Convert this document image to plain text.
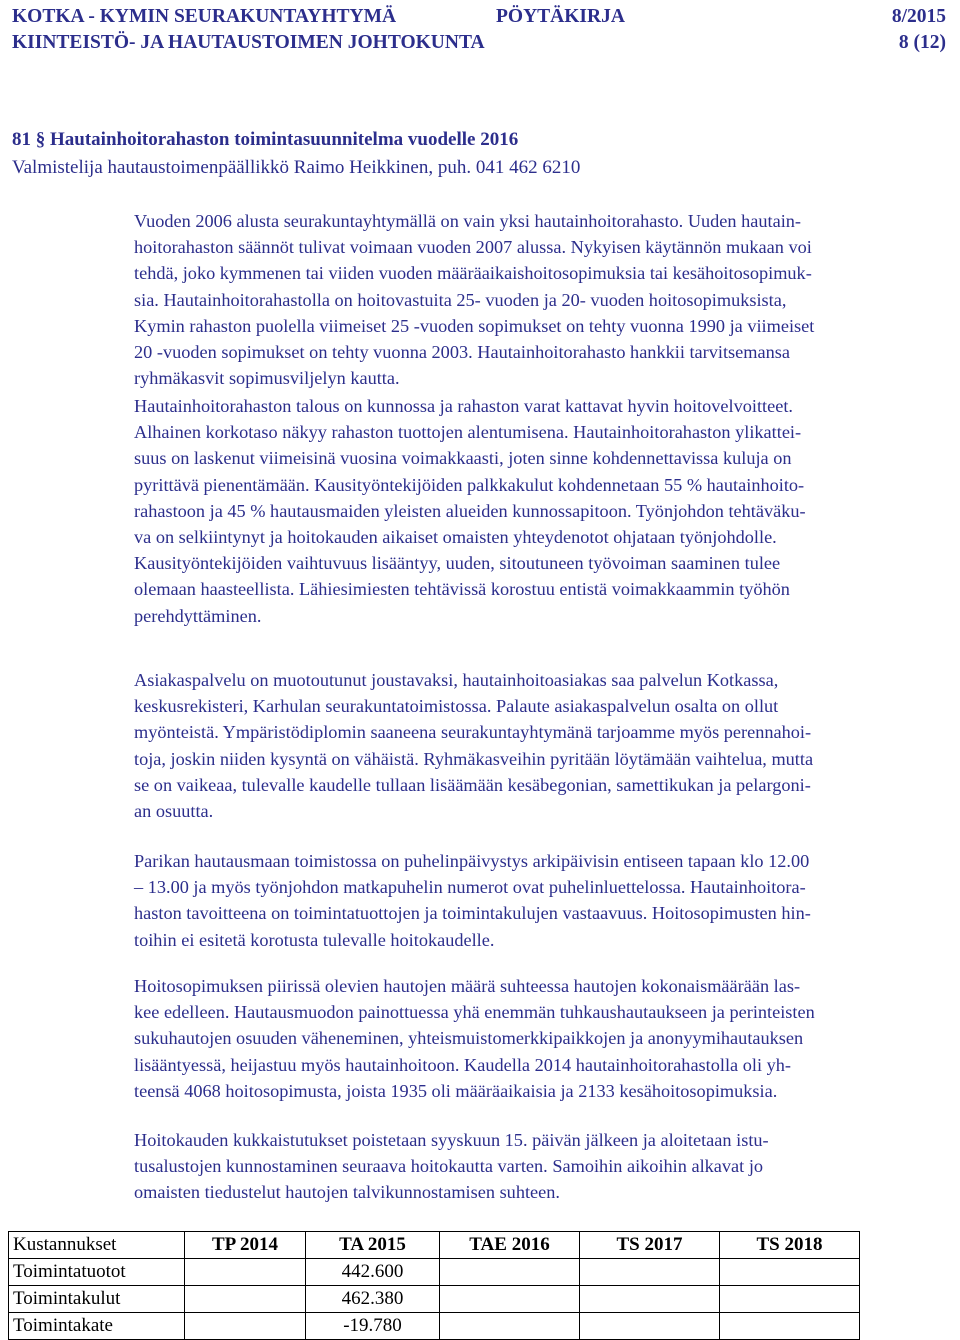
KOTKA - KYMIN SEURAKUNTAYHTYMÄ	PÖYTÄKIRJA	8/2015
KIINTEISTÖ- JA HAUTAUSTOIMEN JOHTOKUNTA	8 (12)
81 § Hautainhoitorahaston toimintasuunnitelma vuodelle 2016
Valmistelija hautaustoimenpäällikkö Raimo Heikkinen, puh. 041 462 6210
Vuoden 2006 alusta seurakuntayhtymällä on vain yksi hautainhoitorahasto. Uuden hautain-
hoitorahaston säännöt tulivat voimaan vuoden 2007 alussa. Nykyisen käytännön mukaan voi
tehdä, joko kymmenen tai viiden vuoden määräaikaishoitosopimuksia tai kesähoitosopimuk-
sia. Hautainhoitorahastolla on hoitovastuita 25- vuoden ja 20- vuoden hoitosopimuksista,
Kymin rahaston puolella viimeiset 25 -vuoden sopimukset on tehty vuonna 1990 ja viimeiset
20 -vuoden sopimukset on tehty vuonna 2003. Hautainhoitorahasto hankkii tarvitsemansa
ryhmäkasvit sopimusviljelyn kautta.
Hautainhoitorahaston talous on kunnossa ja rahaston varat kattavat hyvin hoitovelvoitteet.
Alhainen korkotaso näkyy rahaston tuottojen alentumisena. Hautainhoitorahaston ylikattei-
suus on laskenut viimeisinä vuosina voimakkaasti, joten sinne kohdennettavissa kuluja on
pyrittävä pienentämään. Kausityöntekijöiden palkkakulut kohdennetaan 55 % hautainhoito-
rahastoon ja 45 % hautausmaiden yleisten alueiden kunnossapitoon. Työnjohdon tehtäväku-
va on selkiintynyt ja hoitokauden aikaiset omaisten yhteydenotot ohjataan työnjohdolle.
Kausityöntekijöiden vaihtuvuus lisääntyy, uuden, sitoutuneen työvoiman saaminen tulee
olemaan haasteellista. Lähiesimiesten tehtävissä korostuu entistä voimakkaammin työhön
perehdyttäminen.
Asiakaspalvelu on muotoutunut joustavaksi, hautainhoitoasiakas saa palvelun Kotkassa,
keskusrekisteri, Karhulan seurakuntatoimistossa. Palaute asiakaspalvelun osalta on ollut
myönteistä. Ympäristödiplomin saaneena seurakuntayhtymänä tarjoamme myös perennahoi-
toja, joskin niiden kysyntä on vähäistä. Ryhmäkasveihin pyritään löytämään vaihtelua, mutta
se on vaikeaa, tulevalle kaudelle tullaan lisäämään kesäbegonian, samettikukan ja pelargoni-
an osuutta.
Parikan hautausmaan toimistossa on puhelinpäivystys arkipäivisin entiseen tapaan klo 12.00
– 13.00 ja myös työnjohdon matkapuhelin numerot ovat puhelinluettelossa. Hautainhoitora-
haston tavoitteena on toimintatuottojen ja toimintakulujen vastaavuus. Hoitosopimusten hin-
toihin ei esitetä korotusta tulevalle hoitokaudelle.
Hoitosopimuksen piirissä olevien hautojen määrä suhteessa hautojen kokonaismäärään las-
kee edelleen. Hautausmuodon painottuessa yhä enemmän tuhkaushautaukseen ja perinteisten
sukuhautojen osuuden väheneminen, yhteismuistomerkkipaikkojen ja anonyymihautauksen
lisääntyessä, heijastuu myös hautainhoitoon. Kaudella 2014 hautainhoitorahastolla oli yh-
teensä 4068 hoitosopimusta, joista 1935 oli määräaikaisia ja 2133 kesähoitosopimuksia.
Hoitokauden kukkaistutukset poistetaan syyskuun 15. päivän jälkeen ja aloitetaan istu-
tusalustojen kunnostaminen seuraava hoitokautta varten. Samoihin aikoihin alkavat jo
omaisten tiedustelut hautojen talvikunnostamisen suhteen.
Kustannukset	TP 2014	TA 2015	TAE 2016	TS 2017	TS 2018
Toimintatuotot		442.600			
Toimintakulut		462.380			
Toimintakate		-19.780			
